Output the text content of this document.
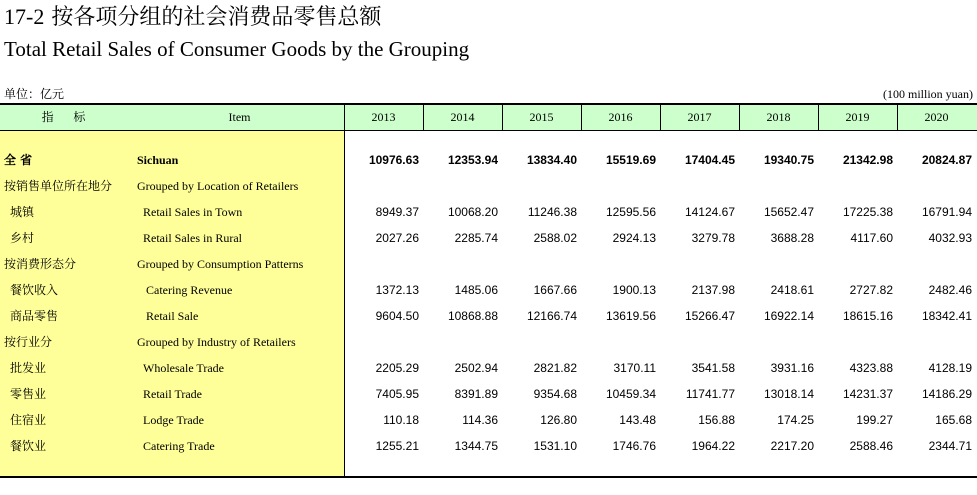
17-2 按各项分组的社会消费品零售总额
Total Retail Sales of Consumer Goods by the Grouping
单位：亿元	(100 million yuan)
指 标	Item	2013	2014	2015	2016	2017	2018	2019	2020
全 省	Sichuan	10976.63	12353.94	13834.40	15519.69	17404.45	19340.75	21342.98	20824.87
按销售单位所在地分 Grouped by Location of Retailers
城镇	Retail Sales in Town	8949.37	10068.20	11246.38	12595.56	14124.67	15652.47	17225.38	16791.94
乡村	Retail Sales in Rural	2027.26	2285.74	2588.02	2924.13	3279.78	3688.28	4117.60	4032.93
按消费形态分	Grouped by Consumption Patterns
餐饮收入	Catering Revenue	1372.13	1485.06	1667.66	1900.13	2137.98	2418.61	2727.82	2482.46
商品零售	Retail Sale	9604.50	10868.88	12166.74	13619.56	15266.47	16922.14	18615.16	18342.41
按行业分	Grouped by Industry of Retailers
批发业	Wholesale Trade	2205.29	2502.94	2821.82	3170.11	3541.58	3931.16	4323.88	4128.19
零售业	Retail Trade	7405.95	8391.89	9354.68	10459.34	11741.77	13018.14	14231.37	14186.29
住宿业	Lodge Trade	110.18	114.36	126.80	143.48	156.88	174.25	199.27	165.68
餐饮业	Catering Trade	1255.21	1344.75	1531.10	1746.76	1964.22	2217.20	2588.46	2344.71
